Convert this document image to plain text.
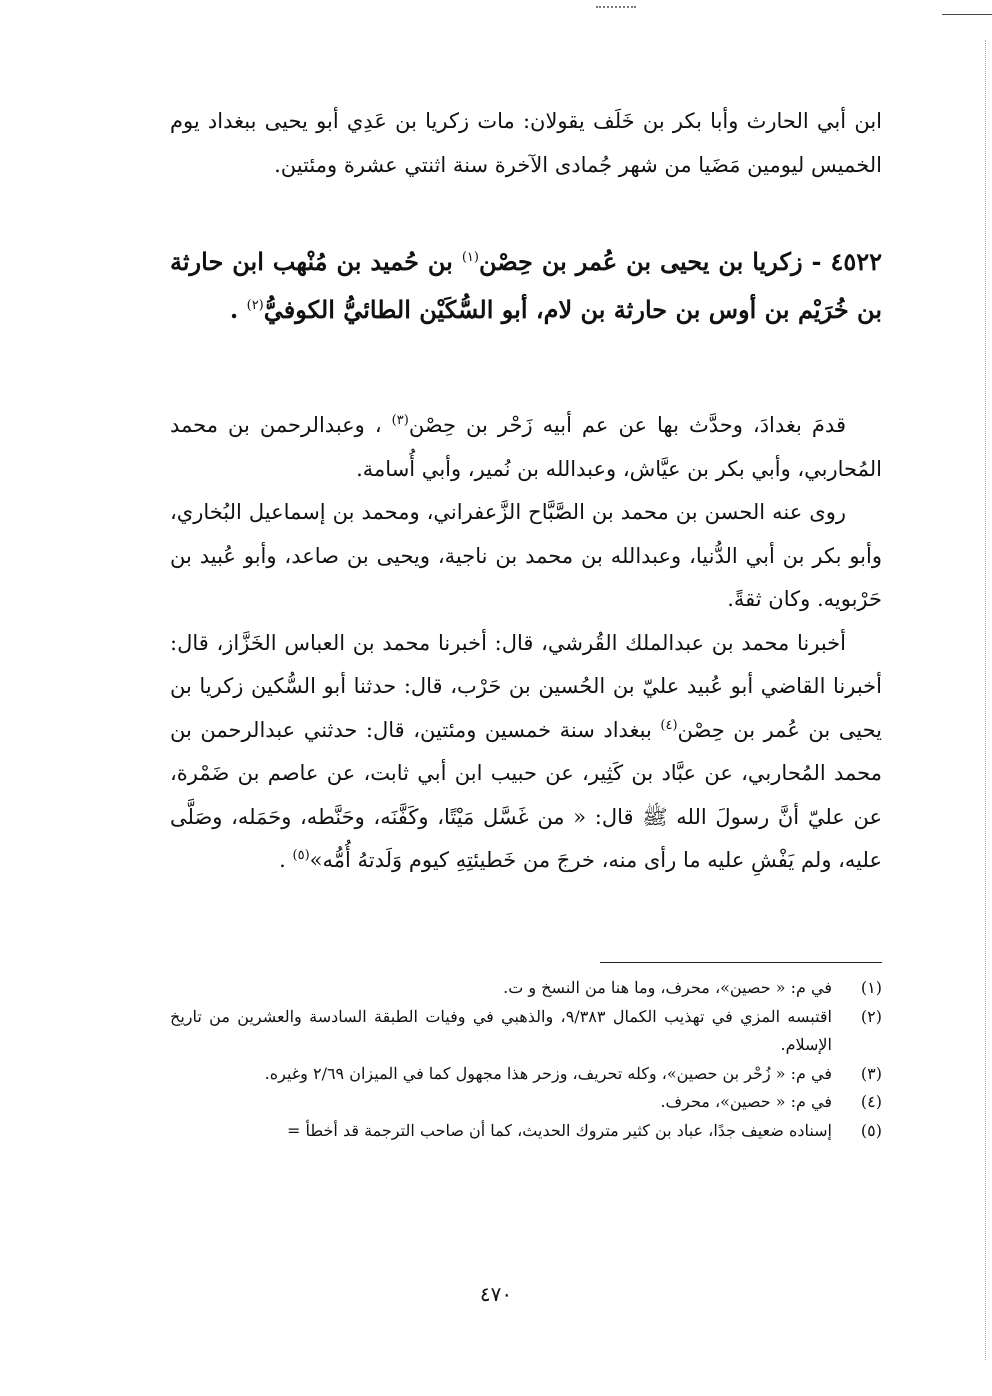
ابن أبي الحارث وأبا بكر بن خَلَف يقولان: مات زكريا بن عَدِي أبو يحيى ببغداد يوم الخميس ليومين مَضَيا من شهر جُمادى الآخرة سنة اثنتي عشرة ومئتين.

٤٥٢٢ - زكريا بن يحيى بن عُمر بن حِصْن$^{(١)}$ بن حُميد بن مُنْهب ابن حارثة بن خُرَيْم بن أوس بن حارثة بن لام، أبو السُّكَيْن الطائيُّ الكوفيُّ$^{(٢)}$ .

قدمَ بغدادَ، وحدَّث بها عن عم أبيه زَحْر بن حِصْن$^{(٣)}$ ، وعبدالرحمن بن محمد المُحاربي، وأبي بكر بن عيَّاش، وعبدالله بن نُمير، وأبي أُسامة.

روى عنه الحسن بن محمد بن الصَّبَّاح الزَّعفراني، ومحمد بن إسماعيل البُخاري، وأبو بكر بن أبي الدُّنيا، وعبدالله بن محمد بن ناجية، ويحيى بن صاعد، وأبو عُبيد بن حَرْبويه. وكان ثقةً.

أخبرنا محمد بن عبدالملك القُرشي، قال: أخبرنا محمد بن العباس الخَزَّاز، قال: أخبرنا القاضي أبو عُبيد عليّ بن الحُسين بن حَرْب، قال: حدثنا أبو السُّكين زكريا بن يحيى بن عُمر بن حِصْن$^{(٤)}$ ببغداد سنة خمسين ومئتين، قال: حدثني عبدالرحمن بن محمد المُحاربي، عن عبَّاد بن كَثِير، عن حبيب ابن أبي ثابت، عن عاصم بن ضَمْرة، عن عليّ أنَّ رسولَ الله ﷺ قال: « من غَسَّل مَيْتًا، وكَفَّنَه، وحَنَّطه، وحَمَله، وصَلَّى عليه، ولم يَفْشِ عليه ما رأى منه، خرجَ من خَطيئتِهِ كيوم وَلَدتهُ أُمُّه»$^{(٥)}$ .

(١)
في م: « حصين»، محرف، وما هنا من النسخ و ت.
(٢)
اقتبسه المزي في تهذيب الكمال ٩/٣٨٣، والذهبي في وفيات الطبقة السادسة والعشرين من تاريخ الإسلام.
(٣)
في م: « زُحْر بن حصين»، وكله تحريف، وزحر هذا مجهول كما في الميزان ٢/٦٩ وغيره.
(٤)
في م: « حصين»، محرف.
(٥)
إسناده ضعيف جدًا، عباد بن كثير متروك الحديث، كما أن صاحب الترجمة قد أخطأ =
٤٧٠
